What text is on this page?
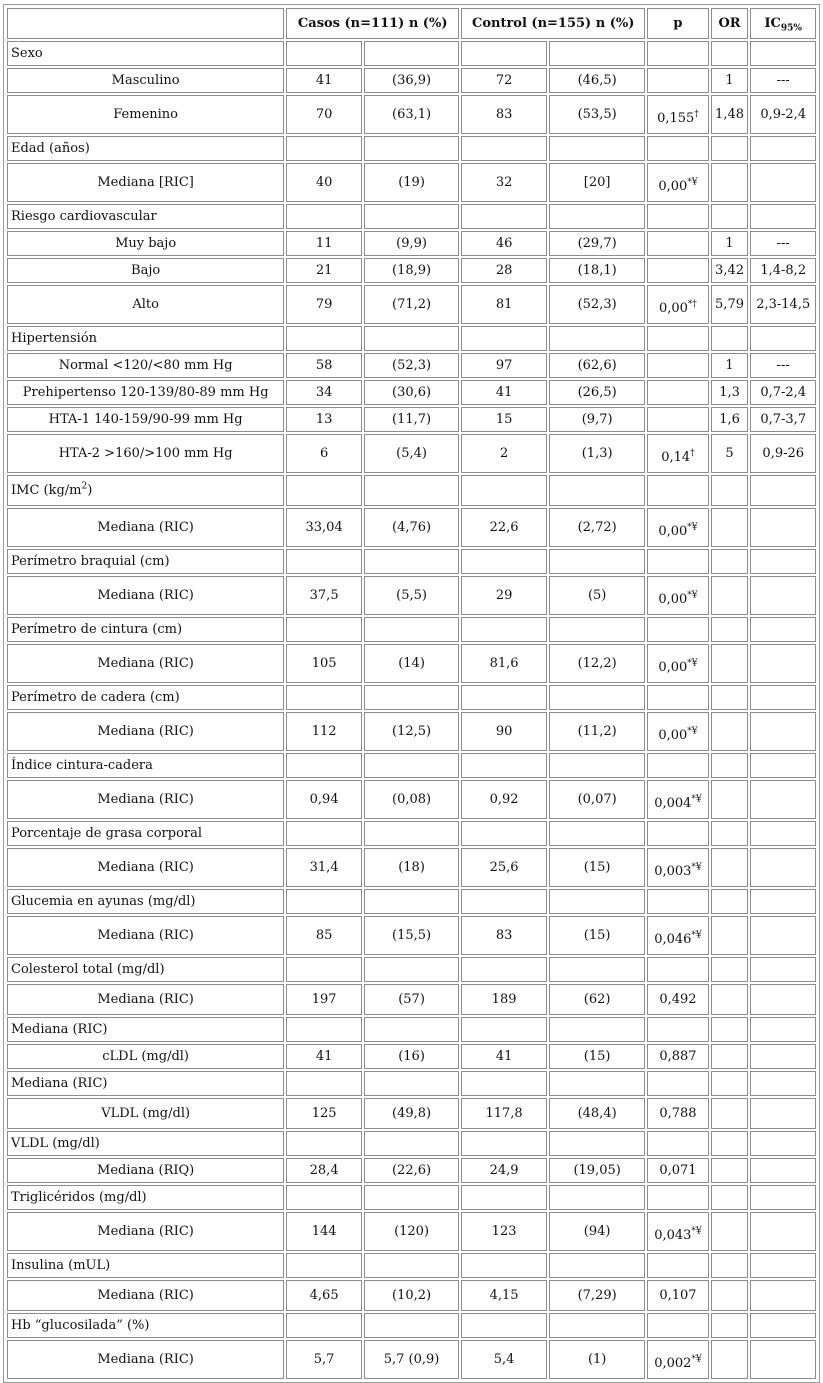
	Casos (n=111) n (%)		Control (n=155) n (%)		p	OR	$IC_{95\%}$
Sexo							
Masculino	41	(36,9)	72	(46,5)		1	---
Femenino	70	(63,1)	83	(53,5)	0,155†	1,48	0,9-2,4
Edad (años)							
Mediana [RIC]	40	(19)	32	[20]	0,00*¥		
Riesgo cardiovascular							
Muy bajo	11	(9,9)	46	(29,7)		1	---
Bajo	21	(18,9)	28	(18,1)		3,42	1,4-8,2
Alto	79	(71,2)	81	(52,3)	0,00*†	5,79	2,3-14,5
Hipertensión							
Normal <120/<80 mm Hg	58	(52,3)	97	(62,6)		1	---
Prehipertenso 120-139/80-89 mm Hg	34	(30,6)	41	(26,5)		1,3	0,7-2,4
HTA-1 140-159/90-99 mm Hg	13	(11,7)	15	(9,7)		1,6	0,7-3,7
HTA-2 >160/>100 mm Hg	6	(5,4)	2	(1,3)	0,14†	5	0,9-26
IMC $(kg/m^2)$							
Mediana (RIC)	33,04	(4,76)	22,6	(2,72)	0,00*¥		
Perímetro braquial (cm)							
Mediana (RIC)	37,5	(5,5)	29	(5)	0,00*¥		
Perímetro de cintura (cm)							
Mediana (RIC)	105	(14)	81,6	(12,2)	0,00*¥		
Perímetro de cadera (cm)							
Mediana (RIC)	112	(12,5)	90	(11,2)	0,00*¥		
Índice cintura-cadera							
Mediana (RIC)	0,94	(0,08)	0,92	(0,07)	0,004*¥		
Porcentaje de grasa corporal							
Mediana (RIC)	31,4	(18)	25,6	(15)	0,003*¥		
Glucemia en ayunas (mg/dl)							
Mediana (RIC)	85	(15,5)	83	(15)	0,046*¥		
Colesterol total (mg/dl)							
Mediana (RIC)	197	(57)	189	(62)	0,492		
Mediana (RIC)							
cLDL (mg/dl)	41	(16)	41	(15)	0,887		
Mediana (RIC)							
VLDL (mg/dl)	125	(49,8)	117,8	(48,4)	0,788		
VLDL (mg/dl)							
Mediana (RIQ)	28,4	(22,6)	24,9	(19,05)	0,071		
Triglicéridos (mg/dl)							
Mediana (RIC)	144	(120)	123	(94)	0,043*¥		
Insulina (mUL)							
Mediana (RIC)	4,65	(10,2)	4,15	(7,29)	0,107		
Hb “glucosilada” (%)							
Mediana (RIC)	5,7	5,7 (0,9)	5,4	(1)	0,002*¥		
